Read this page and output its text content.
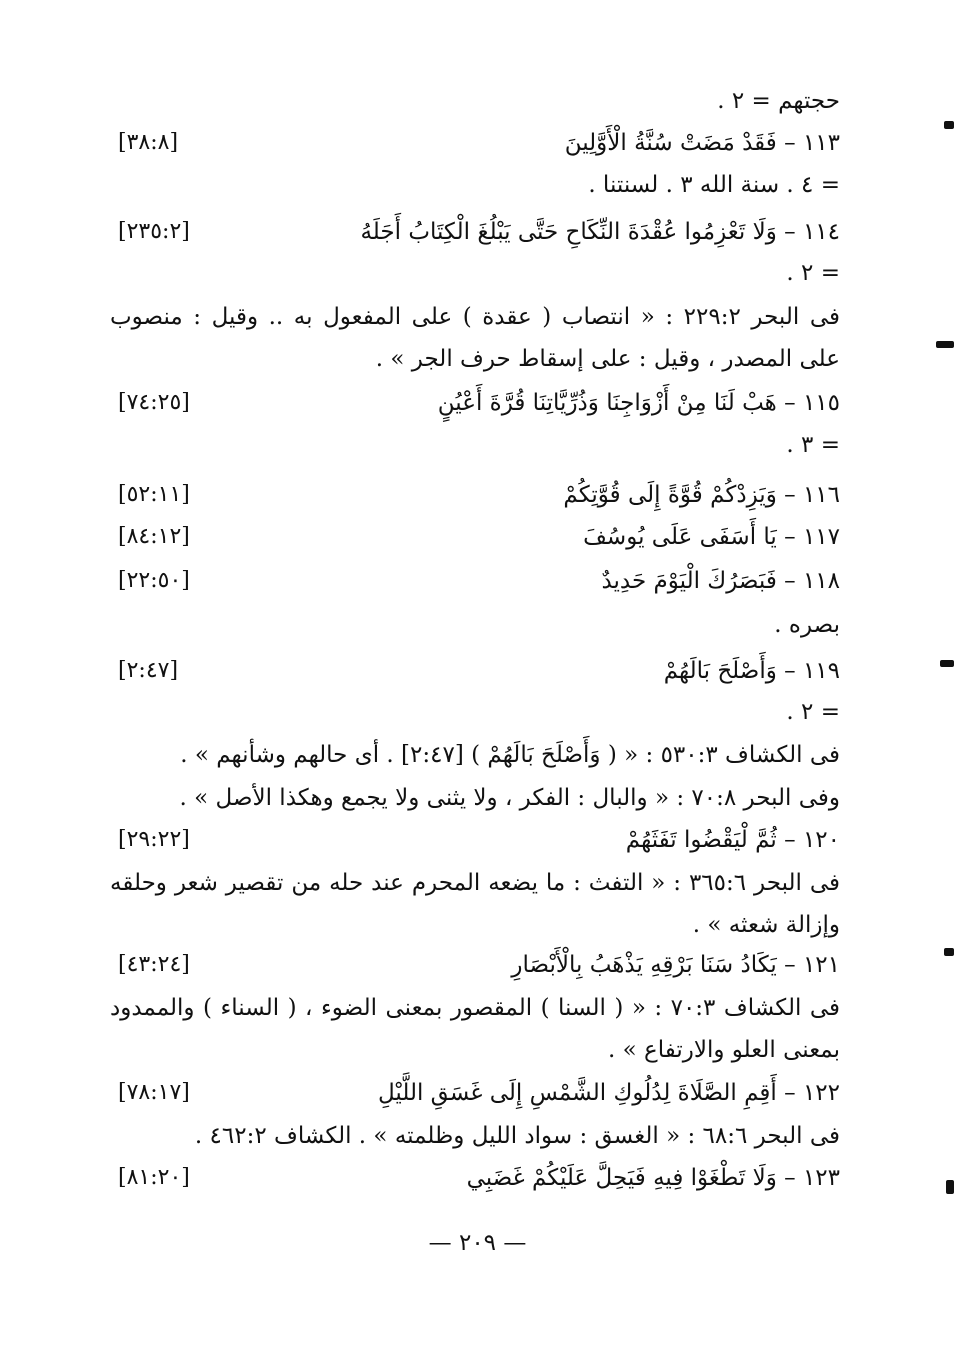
حجتهم = ٢ .
١١٣ – فَقَدْ مَضَتْ سُنَّةُ الْأَوَّلِينَ
= ٤ . سنة الله ٣ . لسنتنا .
١١٤ – وَلَا تَعْزِمُوا عُقْدَةَ النِّكَاحِ حَتَّى يَبْلُغَ الْكِتَابُ أَجَلَهُ
= ٢ .
فى البحر ٢٢٩:٢ : « انتصاب ( عقدة ) على المفعول به .. وقيل : منصوب
على المصدر ، وقيل : على إسقاط حرف الجر » .
١١٥ – هَبْ لَنَا مِنْ أَزْوَاجِنَا وَذُرِّيَّاتِنَا قُرَّةَ أَعْيُنٍ
= ٣ .
١١٦ – وَيَزِدْكُمْ قُوَّةً إِلَى قُوَّتِكُمْ
١١٧ – يَا أَسَفَى عَلَى يُوسُفَ
١١٨ – فَبَصَرُكَ الْيَوْمَ حَدِيدٌ
بصره .
١١٩ – وَأَصْلَحَ بَالَهُمْ
= ٢ .
فى الكشاف ٥٣٠:٣ : « ( وَأَصْلَحَ بَالَهُمْ ) [٢:٤٧] . أى حالهم وشأنهم » .
وفى البحر ٧٠:٨ : « والبال : الفكر ، ولا يثنى ولا يجمع وهكذا الأصل » .
١٢٠ – ثُمَّ لْيَقْضُوا تَفَثَهُمْ
فى البحر ٣٦٥:٦ : « التفث : ما يضعه المحرم عند حله من تقصير شعر وحلقه
وإزالة شعثه » .
١٢١ – يَكَادُ سَنَا بَرْقِهِ يَذْهَبُ بِالْأَبْصَارِ
فى الكشاف ٧٠:٣ : « ( السنا ) المقصور بمعنى الضوء ، ( السناء ) والممدود
بمعنى العلو والارتفاع » .
١٢٢ – أَقِمِ الصَّلَاةَ لِدُلُوكِ الشَّمْسِ إِلَى غَسَقِ اللَّيْلِ
فى البحر ٦٨:٦ : « الغسق : سواد الليل وظلمته » . الكشاف ٤٦٢:٢ .
١٢٣ – وَلَا تَطْغَوْا فِيهِ فَيَحِلَّ عَلَيْكُمْ غَضَبِي
[٣٨:٨]
[٢٣٥:٢]
[٧٤:٢٥]
[٥٢:١١]
[٨٤:١٢]
[٢٢:٥٠]
[٢:٤٧]
[٢٩:٢٢]
[٤٣:٢٤]
[٧٨:١٧]
[٨١:٢٠]
— ٢٠٩ —
